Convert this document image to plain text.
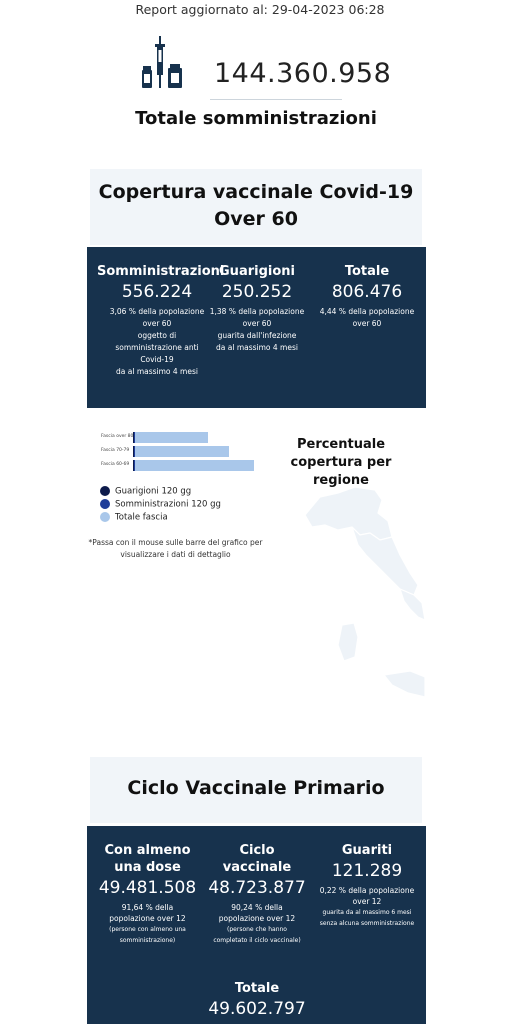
Report aggiornato al: 29-04-2023 06:28
144.360.958
Totale somministrazioni
Copertura vaccinale Covid-19
Over 60
Somministrazioni
556.224
3,06 % della popolazione
over 60
oggetto di
somministrazione anti
Covid-19
da al massimo 4 mesi
Guarigioni
250.252
1,38 % della popolazione
over 60
guarita dall'infezione
da al massimo 4 mesi
Totale
806.476
4,44 % della popolazione
over 60
Fascia over 80
Fascia 70-79
Fascia 60-69
Guarigioni 120 gg
Somministrazioni 120 gg
Totale fascia
*Passa con il mouse sulle barre del grafico per
visualizzare i dati di dettaglio
Percentuale
copertura per regione
Ciclo Vaccinale Primario
Con almeno
una dose
49.481.508
91,64 % della
popolazione over 12
(persone con almeno una
somministrazione)
Ciclo
vaccinale
48.723.877
90,24 % della
popolazione over 12
(persone che hanno
completato il ciclo vaccinale)
Guariti
121.289
0,22 % della popolazione
over 12
guarita da al massimo 6 mesi
senza alcuna somministrazione
Totale
49.602.797
